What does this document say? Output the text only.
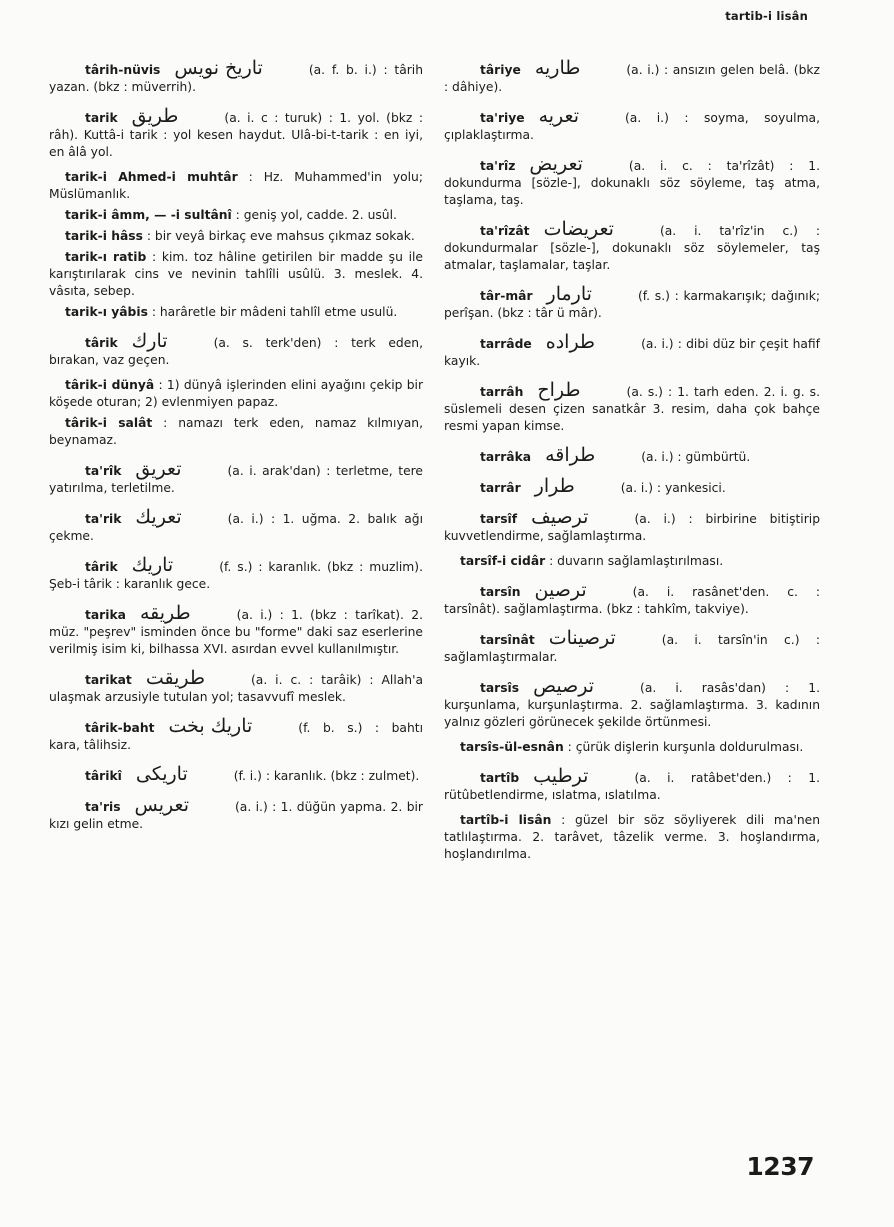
tartib-i lisân
târih-nüvis تاریخ نویس	(a. f. b. i.) : târih yazan. (bkz : müverrih).
tarik طریق	(a. i. c : turuk) : 1. yol. (bkz : râh). Kuttâ-i tarik : yol kesen haydut. Ulâ-bi-t-tarik : en iyi, en âlâ yol.
tarik-i Ahmed-i muhtâr : Hz. Muhammed'in yolu; Müslümanlık.
tarik-i âmm, — -i sultânî : geniş yol, cadde. 2. usûl.
tarik-i hâss : bir veyâ birkaç eve mahsus çıkmaz sokak.
tarik-ı ratib : kim. toz hâline getirilen bir madde şu ile karıştırılarak cins ve nevinin tahlîli usûlü. 3. meslek. 4. vâsıta, sebep.
tarik-ı yâbis : harâretle bir mâdeni tahlîl etme usulü.
târik تارك	(a. s. terk'den) : terk eden, bırakan, vaz geçen.
târik-i dünyâ : 1) dünyâ işlerinden elini ayağını çekip bir köşede oturan; 2) evlenmiyen papaz.
târik-i salât : namazı terk eden, namaz kılmıyan, beynamaz.
ta'rîk تعریق	(a. i. arak'dan) : terletme, tere yatırılma, terletilme.
ta'rik تعریك	(a. i.) : 1. uğma. 2. balık ağı çekme.
târik تاریك	(f. s.) : karanlık. (bkz : muzlim). Şeb-i târik : karanlık gece.
tarika طریقه	(a. i.) : 1. (bkz : tarîkat). 2. müz. "peşrev" isminden önce bu "forme" daki saz eserlerine verilmiş isim ki, bilhassa XVI. asırdan evvel kullanılmıştır.
tarikat طریقت	(a. i. c. : tarâik) : Allah'a ulaşmak arzusiyle tutulan yol; tasavvufî meslek.
târik-baht تاریك بخت	(f. b. s.) : bahtı kara, tâlihsiz.
târikî تاریكی	(f. i.) : karanlık. (bkz : zulmet).
ta'ris تعریس	(a. i.) : 1. düğün yapma. 2. bir kızı gelin etme.
târiye طاریه	(a. i.) : ansızın gelen belâ. (bkz : dâhiye).
ta'riye تعریه	(a. i.) : soyma, soyulma, çıplaklaştırma.
ta'rîz تعریض	(a. i. c. : ta'rîzât) : 1. dokundurma [sözle-], dokunaklı söz söyleme, taş atma, taşlama, taş.
ta'rîzât تعریضات	(a. i. ta'rîz'in c.) : dokundurmalar [sözle-], dokunaklı söz söylemeler, taş atmalar, taşlamalar, taşlar.
târ-mâr تارمار	(f. s.) : karmakarışık; dağınık; perîşan. (bkz : târ ü mâr).
tarrâde طراده	(a. i.) : dibi düz bir çeşit hafif kayık.
tarrâh طراح	(a. s.) : 1. tarh eden. 2. i. g. s. süslemeli desen çizen sanatkâr 3. resim, daha çok bahçe resmi yapan kimse.
tarrâka طراقه	(a. i.) : gümbürtü.
tarrâr طرار	(a. i.) : yankesici.
tarsîf ترصیف	(a. i.) : birbirine bitiştirip kuvvetlendirme, sağlamlaştırma.
tarsîf-i cidâr : duvarın sağlamlaştırılması.
tarsîn ترصین	(a. i. rasânet'den. c. : tarsînât). sağlamlaştırma. (bkz : tahkîm, takviye).
tarsînât ترصینات	(a. i. tarsîn'in c.) : sağlamlaştırmalar.
tarsîs ترصیص	(a. i. rasâs'dan) : 1. kurşunlama, kurşunlaştırma. 2. sağlamlaştırma. 3. kadının yalnız gözleri görünecek şekilde örtünmesi.
tarsîs-ül-esnân : çürük dişlerin kurşunla doldurulması.
tartîb ترطیب	(a. i. ratâbet'den.) : 1. rütûbetlendirme, ıslatma, ıslatılma.
tartîb-i lisân : güzel bir söz söyliyerek dili ma'nen tatlılaştırma. 2. tarâvet, tâzelik verme. 3. hoşlandırma, hoşlandırılma.
1237
